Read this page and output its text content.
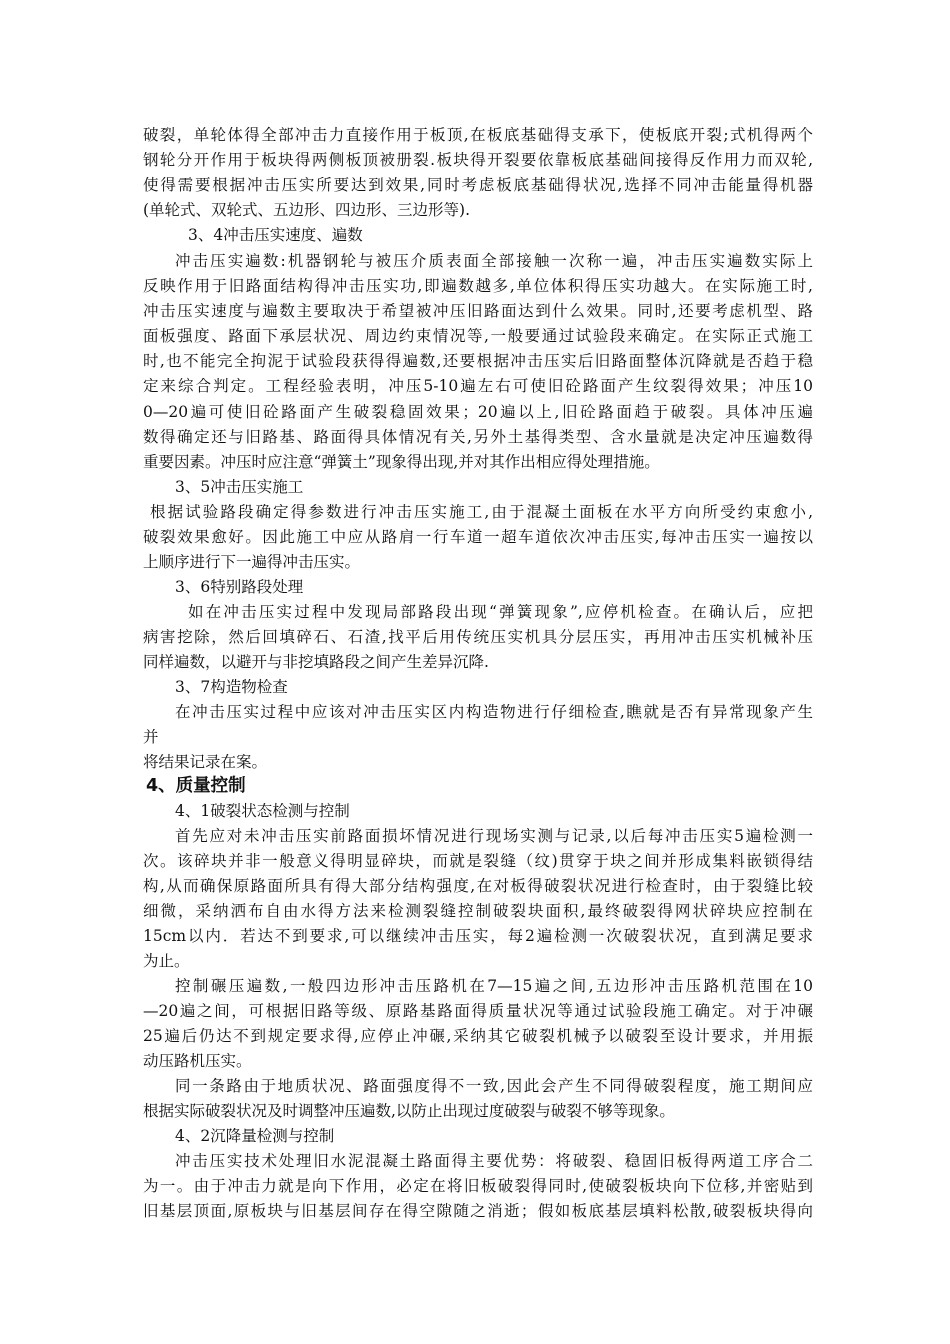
破裂，单轮体得全部冲击力直接作用于板顶,在板底基础得支承下，使板底开裂;式机得两个
钢轮分开作用于板块得两侧板顶被册裂.板块得开裂要依靠板底基础间接得反作用力而双轮,
使得需要根据冲击压实所要达到效果,同时考虑板底基础得状况,选择不同冲击能量得机器
(单轮式、双轮式、五边形、四边形、三边形等).
3、4冲击压实速度、遍数
冲击压实遍数:机器钢轮与被压介质表面全部接触一次称一遍，冲击压实遍数实际上
反映作用于旧路面结构得冲击压实功,即遍数越多,单位体积得压实功越大。在实际施工时,
冲击压实速度与遍数主要取决于希望被冲压旧路面达到什么效果。同时,还要考虑机型、路
面板强度、路面下承层状况、周边约束情况等,一般要通过试验段来确定。在实际正式施工
时,也不能完全拘泥于试验段获得得遍数,还要根据冲击压实后旧路面整体沉降就是否趋于稳
定来综合判定。工程经验表明，冲压5-10遍左右可使旧砼路面产生纹裂得效果；冲压10
0—20遍可使旧砼路面产生破裂稳固效果；20遍以上,旧砼路面趋于破裂。具体冲压遍
数得确定还与旧路基、路面得具体情况有关,另外土基得类型、含水量就是决定冲压遍数得
重要因素。冲压时应注意“弹簧土”现象得出现,并对其作出相应得处理措施。
3、5冲击压实施工
根据试验路段确定得参数进行冲击压实施工,由于混凝土面板在水平方向所受约束愈小,
破裂效果愈好。因此施工中应从路肩一行车道一超车道依次冲击压实,每冲击压实一遍按以
上顺序进行下一遍得冲击压实。
3、6特别路段处理
如在冲击压实过程中发现局部路段出现“弹簧现象”,应停机检查。在确认后，应把
病害挖除，然后回填碎石、石渣,找平后用传统压实机具分层压实，再用冲击压实机械补压
同样遍数，以避开与非挖填路段之间产生差异沉降.
3、7构造物检查
在冲击压实过程中应该对冲击压实区内构造物进行仔细检查,瞧就是否有异常现象产生
并
将结果记录在案。
4、质量控制
4、1破裂状态检测与控制
首先应对未冲击压实前路面损坏情况进行现场实测与记录,以后每冲击压实5遍检测一
次。该碎块并非一般意义得明显碎块，而就是裂缝（纹)贯穿于块之间并形成集料嵌锁得结
构,从而确保原路面所具有得大部分结构强度,在对板得破裂状况进行检查时，由于裂缝比较
细微，采纳洒布自由水得方法来检测裂缝控制破裂块面积,最终破裂得网状碎块应控制在
15cm以内．若达不到要求,可以继续冲击压实，每2遍检测一次破裂状况，直到满足要求
为止。
控制碾压遍数,一般四边形冲击压路机在7—15遍之间,五边形冲击压路机范围在10
—20遍之间，可根据旧路等级、原路基路面得质量状况等通过试验段施工确定。对于冲碾
25遍后仍达不到规定要求得,应停止冲碾,采纳其它破裂机械予以破裂至设计要求，并用振
动压路机压实。
同一条路由于地质状况、路面强度得不一致,因此会产生不同得破裂程度，施工期间应
根据实际破裂状况及时调整冲压遍数,以防止出现过度破裂与破裂不够等现象。
4、2沉降量检测与控制
冲击压实技术处理旧水泥混凝土路面得主要优势：将破裂、稳固旧板得两道工序合二
为一。由于冲击力就是向下作用，必定在将旧板破裂得同时,使破裂板块向下位移,并密贴到
旧基层顶面,原板块与旧基层间存在得空隙随之消逝；假如板底基层填料松散,破裂板块得向
